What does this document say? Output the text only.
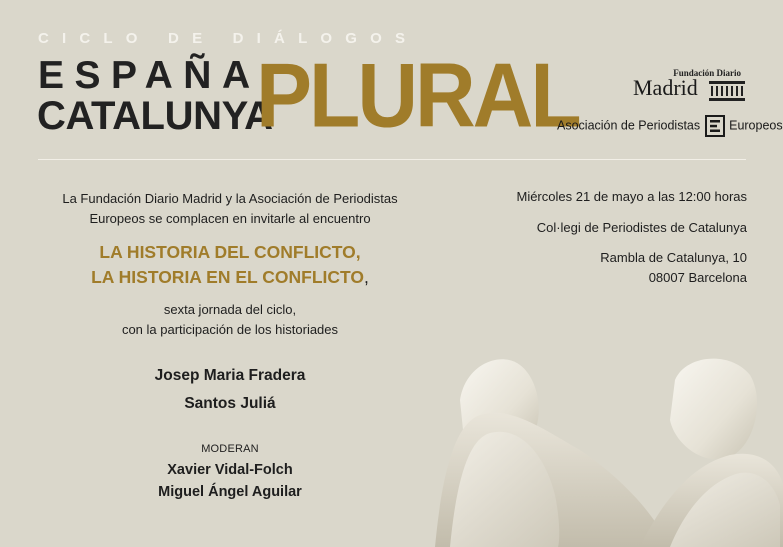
CICLO DE DIÁLOGOS
ESPAÑA
CATALUNYA
PLURAL	Fundación Diario
Madrid
Asociación de Periodistas Europeos
La Fundación Diario Madrid y la Asociación de Periodistas
Europeos se complacen en invitarle al encuentro
LA HISTORIA DEL CONFLICTO,
LA HISTORIA EN EL CONFLICTO,
sexta jornada del ciclo,
con la participación de los historiades
Josep Maria Fradera
Santos Juliá
MODERAN
Xavier Vidal-Folch
Miguel Ángel Aguilar
Miércoles 21 de mayo a las 12:00 horas
Col·legi de Periodistes de Catalunya
Rambla de Catalunya, 10
08007 Barcelona
